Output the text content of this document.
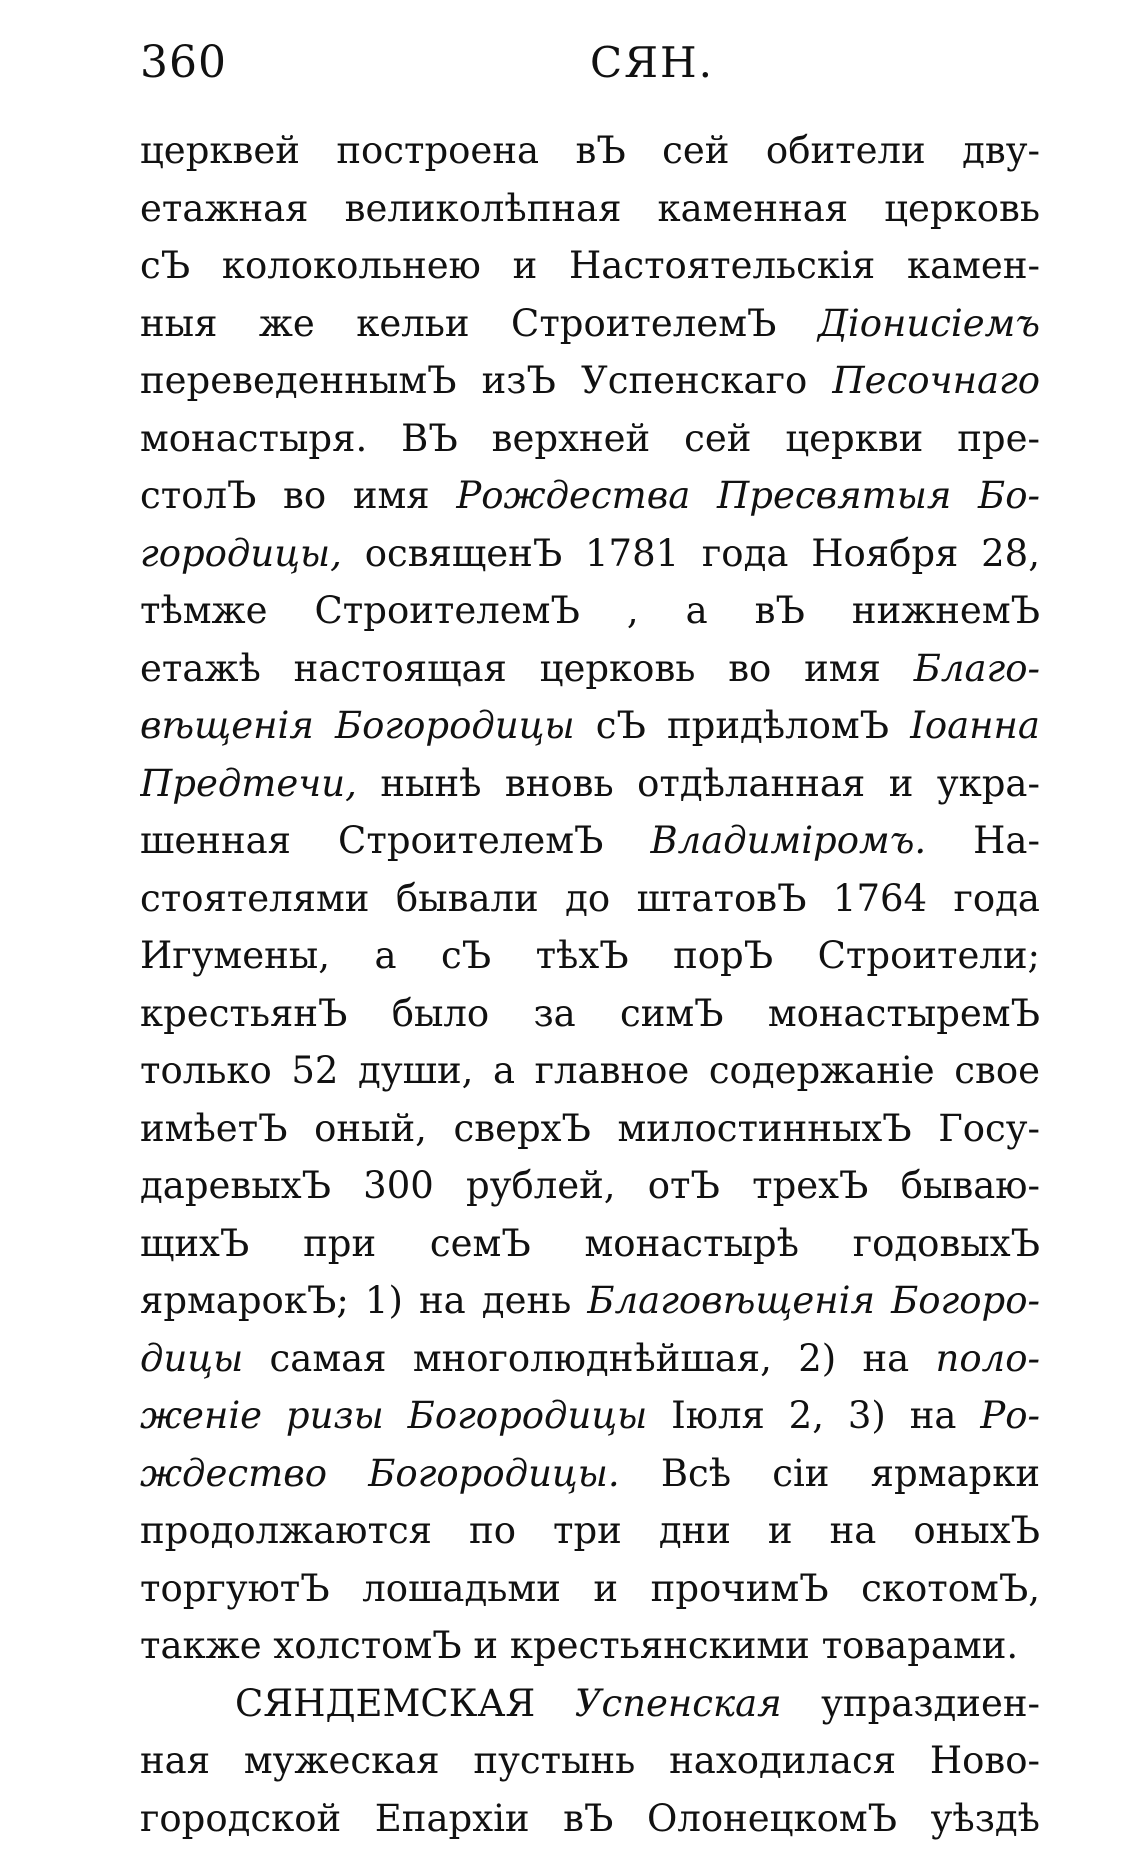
360	СЯН.
церквей построена вЪ сей обители дву-
етажная великолѣпная каменная церковь
сЪ колокольнею и Настоятельскія камен-
ныя же кельи СтроителемЪ Діонисіемъ
переведеннымЪ изЪ Успенскаго Песочнаго
монастыря. ВЪ верхней сей церкви пре-
столЪ во имя Рождества Пресвятыя Бо-
городицы, освященЪ 1781 года Ноября 28,
тѣмже СтроителемЪ , а вЪ нижнемЪ
етажѣ настоящая церковь во имя Благо-
вѣщенія Богородицы сЪ придѣломЪ Іоанна
Предтечи, нынѣ вновь отдѣланная и укра-
шенная СтроителемЪ Владиміромъ. На-
стоятелями бывали до штатовЪ 1764 года
Игумены, а сЪ тѣхЪ порЪ Строители;
крестьянЪ было за симЪ монастыремЪ
только 52 души, а главное содержаніе свое
имѣетЪ оный, сверхЪ милостинныхЪ Госу-
даревыхЪ 300 рублей, отЪ трехЪ бываю-
щихЪ при семЪ монастырѣ годовыхЪ
ярмарокЪ; 1) на день Благовѣщенія Богоро-
дицы самая многолюднѣйшая, 2) на поло-
женіе ризы Богородицы Іюля 2, 3) на Ро-
ждество Богородицы. Всѣ сіи ярмарки
продолжаются по три дни и на оныхЪ
торгуютЪ лошадьми и прочимЪ скотомЪ,
также холстомЪ и крестьянскими товарами.
СЯНДЕМСКАЯ Успенская упраздиен-
ная мужеская пустынь находилася Ново-
городской Епархіи вЪ ОлонецкомЪ уѣздѣ
